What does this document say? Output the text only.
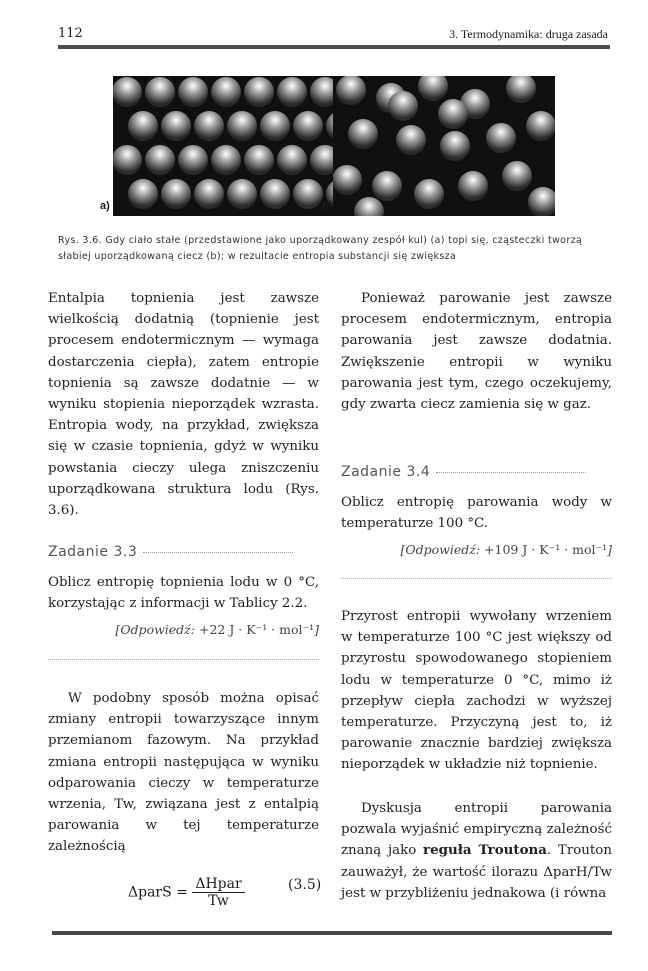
112	3. Termodynamika: druga zasada
a)	b)
Rys. 3.6. Gdy ciało stałe (przedstawione jako uporządkowany zespół kul) (a) topi się, cząsteczki tworzą słabiej uporządkowaną ciecz (b); w rezultacie entropia substancji się zwiększa

Entalpia topnienia jest zawsze wielkością dodatnią (topnienie jest procesem endotermicznym — wymaga dostarczenia ciepła), zatem entropie topnienia są zawsze dodatnie — w wyniku stopienia nieporządek wzrasta. Entropia wody, na przykład, zwiększa się w czasie topnienia, gdyż w wyniku powstania cieczy ulega zniszczeniu uporządkowana struktura lodu (Rys. 3.6).

Zadanie 3.3

Oblicz entropię topnienia lodu w 0 °C, korzystając z informacji w Tablicy 2.2.

[Odpowiedź: +22 J · K⁻¹ · mol⁻¹]

W podobny sposób można opisać zmiany entropii towarzyszące innym przemianom fazowym. Na przykład zmiana entropii następująca w wyniku odparowania cieczy w temperaturze wrzenia, Tw, związana jest z entalpią parowania w tej temperaturze zależnością

ΔparS = $\frac{\text{ΔHpar}}{Tw}$	(3.5)

Ponieważ parowanie jest zawsze procesem endotermicznym, entropia parowania jest zawsze dodatnia. Zwiększenie entropii w wyniku parowania jest tym, czego oczekujemy, gdy zwarta ciecz zamienia się w gaz.

Zadanie 3.4

Oblicz entropię parowania wody w temperaturze 100 °C.

[Odpowiedź: +109 J · K⁻¹ · mol⁻¹]

Przyrost entropii wywołany wrzeniem w temperaturze 100 °C jest większy od przyrostu spowodowanego stopieniem lodu w temperaturze 0 °C, mimo iż przepływ ciepła zachodzi w wyższej temperaturze. Przyczyną jest to, iż parowanie znacznie bardziej zwiększa nieporządek w układzie niż topnienie.

Dyskusja entropii parowania pozwala wyjaśnić empiryczną zależność znaną jako reguła Troutona. Trouton zauważył, że wartość ilorazu ΔparH/Tw jest w przybliżeniu jednakowa (i równa
